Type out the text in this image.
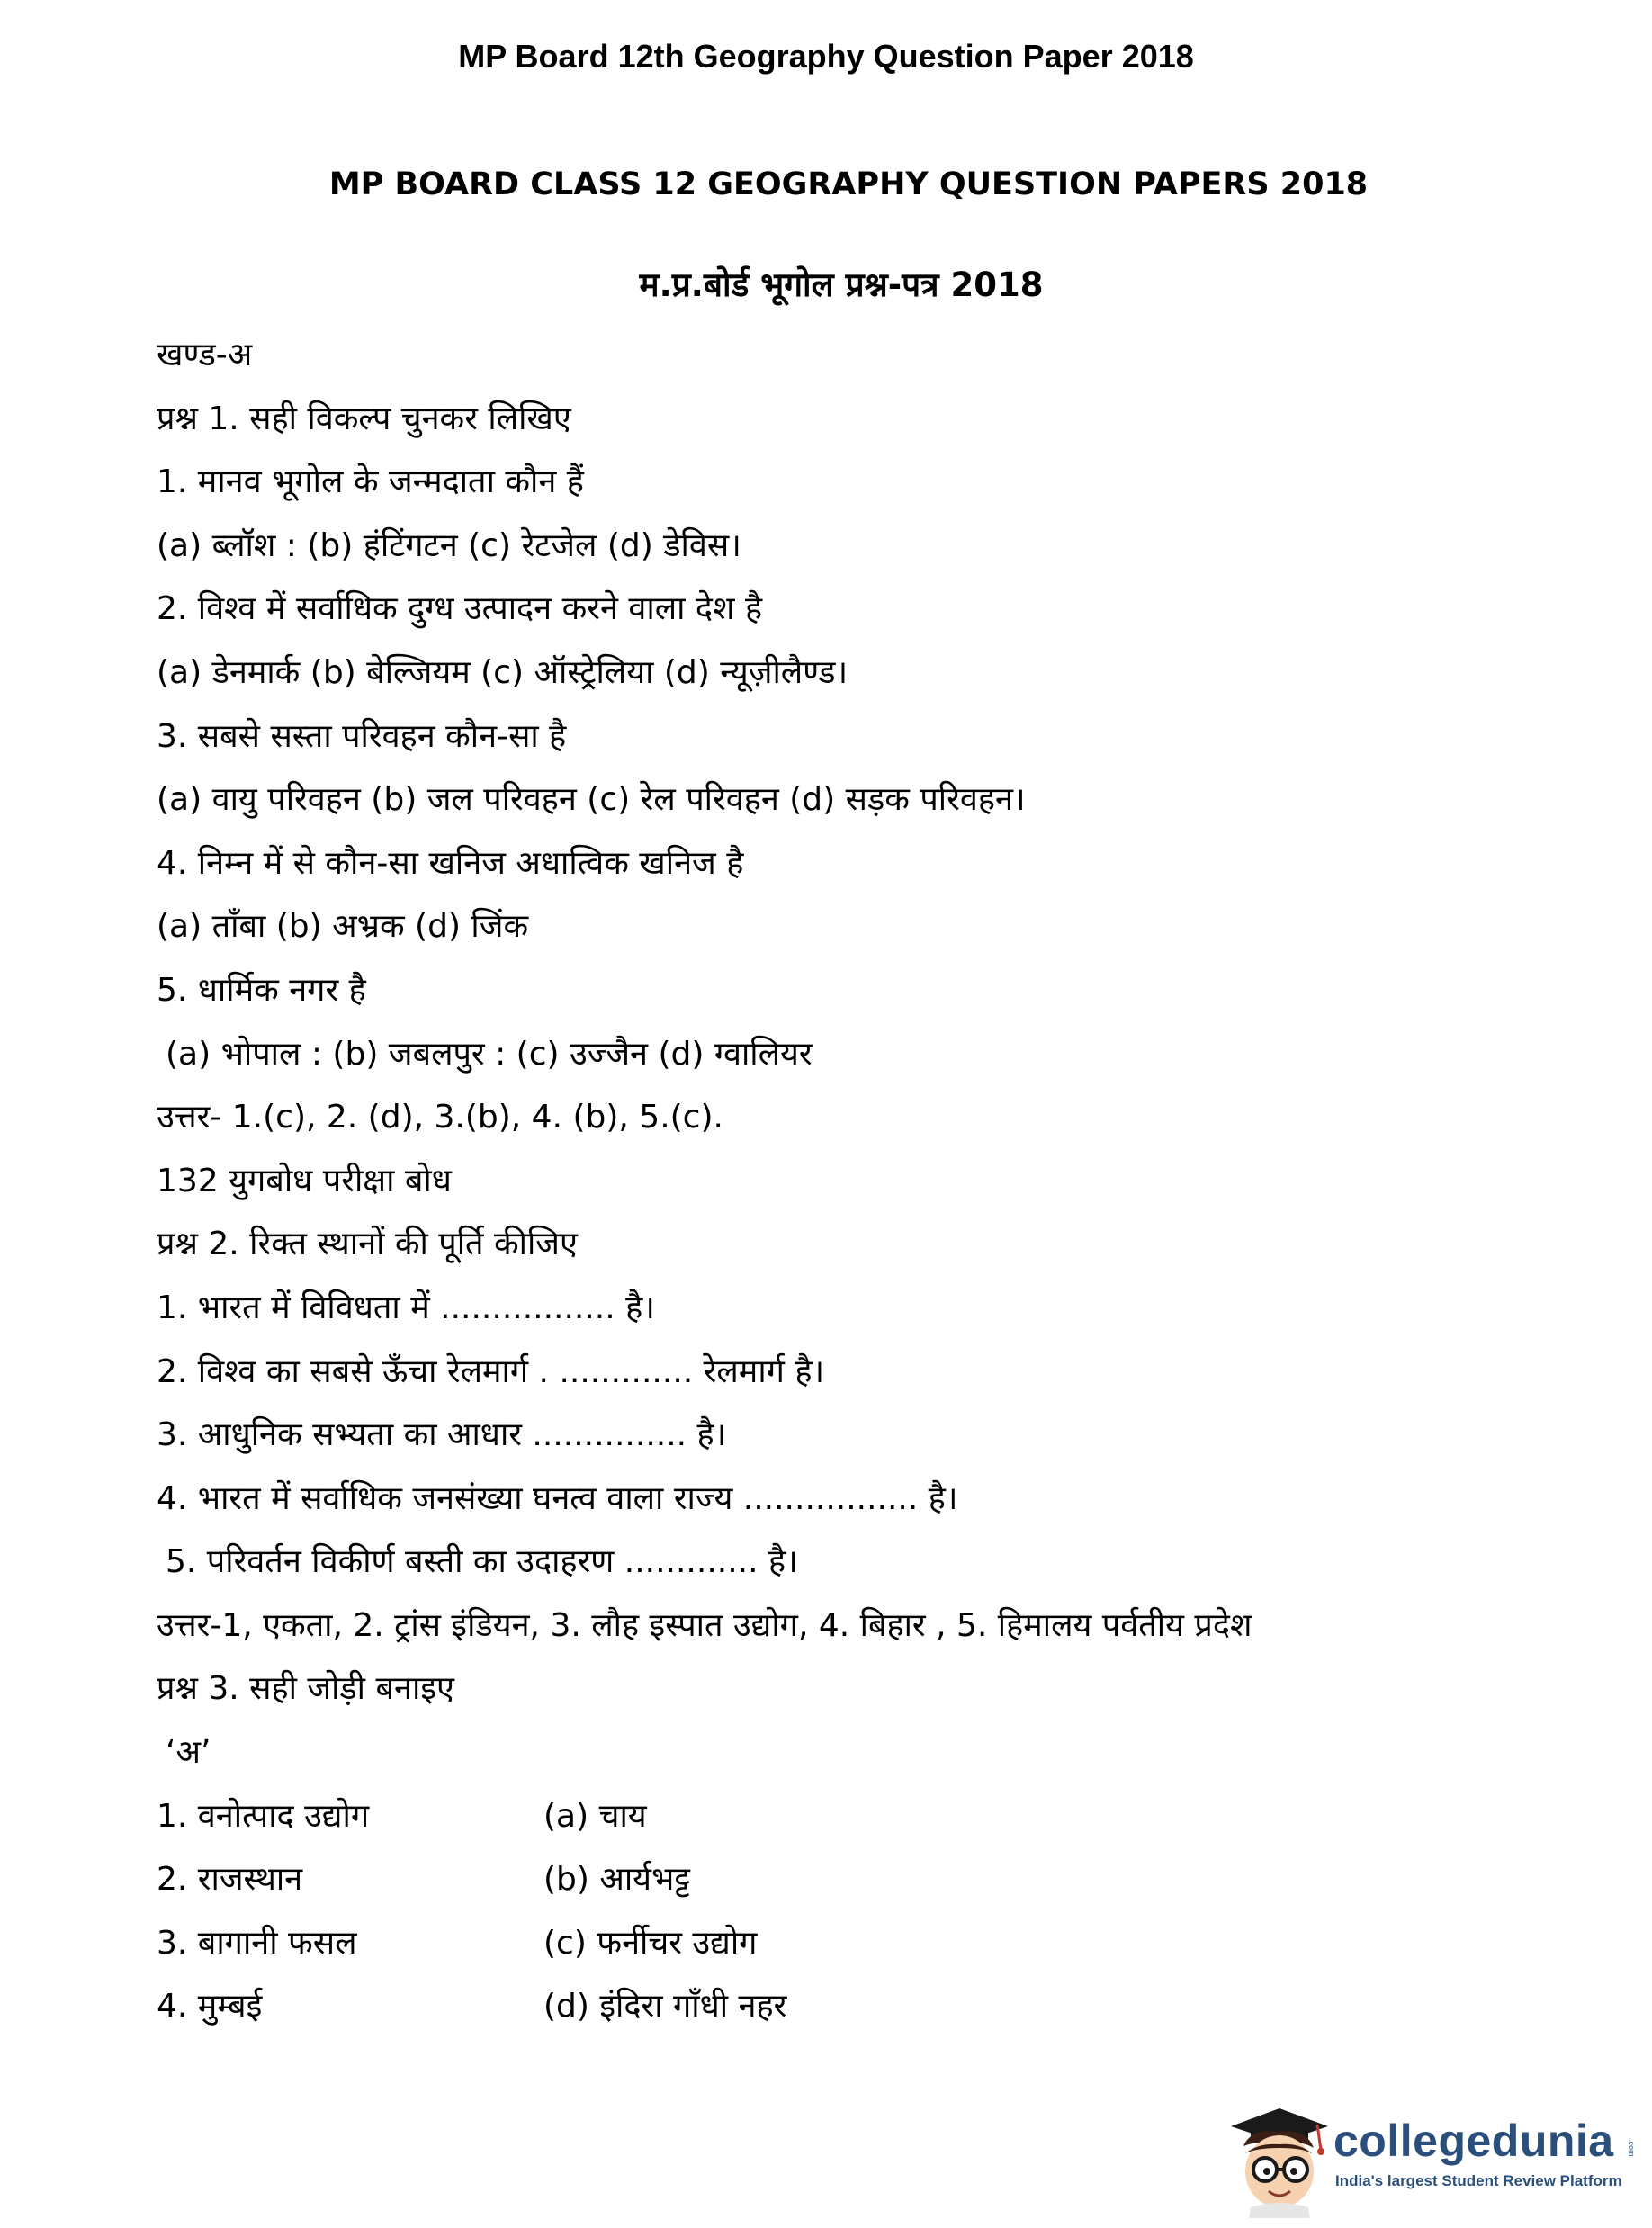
MP Board 12th Geography Question Paper 2018
MP BOARD CLASS 12 GEOGRAPHY QUESTION PAPERS 2018
म.प्र.बोर्ड भूगोल प्रश्न-पत्र 2018
खण्ड-अ
प्रश्न 1. सही विकल्प चुनकर लिखिए
1. मानव भूगोल के जन्मदाता कौन हैं
(a) ब्लॉश : (b) हंटिंगटन (c) रेटजेल (d) डेविस।
2. विश्व में सर्वाधिक दुग्ध उत्पादन करने वाला देश है
(a) डेनमार्क (b) बेल्जियम (c) ऑस्ट्रेलिया (d) न्यूज़ीलैण्ड।
3. सबसे सस्ता परिवहन कौन-सा है
(a) वायु परिवहन (b) जल परिवहन (c) रेल परिवहन (d) सड़क परिवहन।
4. निम्न में से कौन-सा खनिज अधात्विक खनिज है
(a) ताँबा (b) अभ्रक (d) जिंक
5. धार्मिक नगर है
(a) भोपाल : (b) जबलपुर : (c) उज्जैन (d) ग्वालियर
उत्तर- 1.(c), 2. (d), 3.(b), 4. (b), 5.(c).
132 युगबोध परीक्षा बोध
प्रश्न 2. रिक्त स्थानों की पूर्ति कीजिए
1. भारत में विविधता में ................. है।
2. विश्व का सबसे ऊँचा रेलमार्ग . ............. रेलमार्ग है।
3. आधुनिक सभ्यता का आधार ............... है।
4. भारत में सर्वाधिक जनसंख्या घनत्व वाला राज्य ................. है।
5. परिवर्तन विकीर्ण बस्ती का उदाहरण ............. है।
उत्तर-1, एकता, 2. ट्रांस इंडियन, 3. लौह इस्पात उद्योग, 4. बिहार , 5. हिमालय पर्वतीय प्रदेश
प्रश्न 3. सही जोड़ी बनाइए
‘अ’
1. वनोत्पाद उद्योग	(a) चाय
2. राजस्थान	(b) आर्यभट्ट
3. बागानी फसल	(c) फर्नीचर उद्योग
4. मुम्बई	(d) इंदिरा गाँधी नहर
collegedunia .com
India's largest Student Review Platform
